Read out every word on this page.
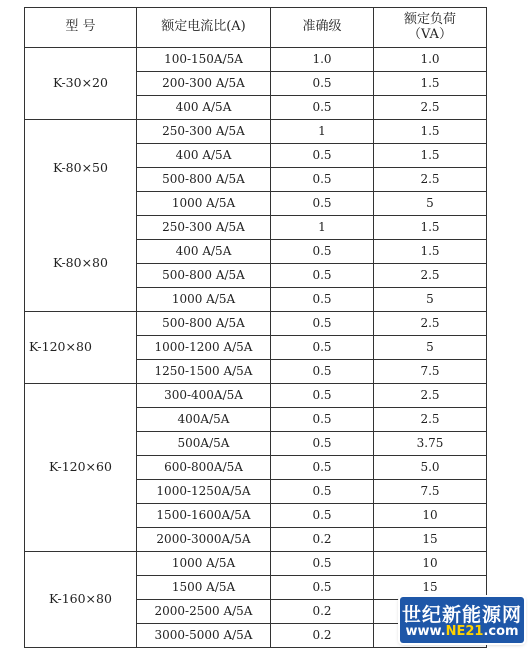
型 号	额定电流比(A)	准确级	额定负荷
（VA）

K-30×20	100-150A/5A	1.0	1.0
	200-300 A/5A	0.5	1.5
	400 A/5A	0.5	2.5
K-80×50	250-300 A/5A	1	1.5
	400 A/5A	0.5	1.5
	500-800 A/5A	0.5	2.5
	1000 A/5A	0.5	5
K-80×80	250-300 A/5A	1	1.5
	400 A/5A	0.5	1.5
	500-800 A/5A	0.5	2.5
	1000 A/5A	0.5	5
K-120×80	500-800 A/5A	0.5	2.5
	1000-1200 A/5A	0.5	5
	1250-1500 A/5A	0.5	7.5
K-120×60	300-400A/5A	0.5	2.5
	400A/5A	0.5	2.5
	500A/5A	0.5	3.75
	600-800A/5A	0.5	5.0
	1000-1250A/5A	0.5	7.5
	1500-1600A/5A	0.5	10
	2000-3000A/5A	0.2	15
K-160×80	1000 A/5A	0.5	10
	1500 A/5A	0.5	15
	2000-2500 A/5A	0.2	
	3000-5000 A/5A	0.2	
世纪新能源网
www.NE21.com
